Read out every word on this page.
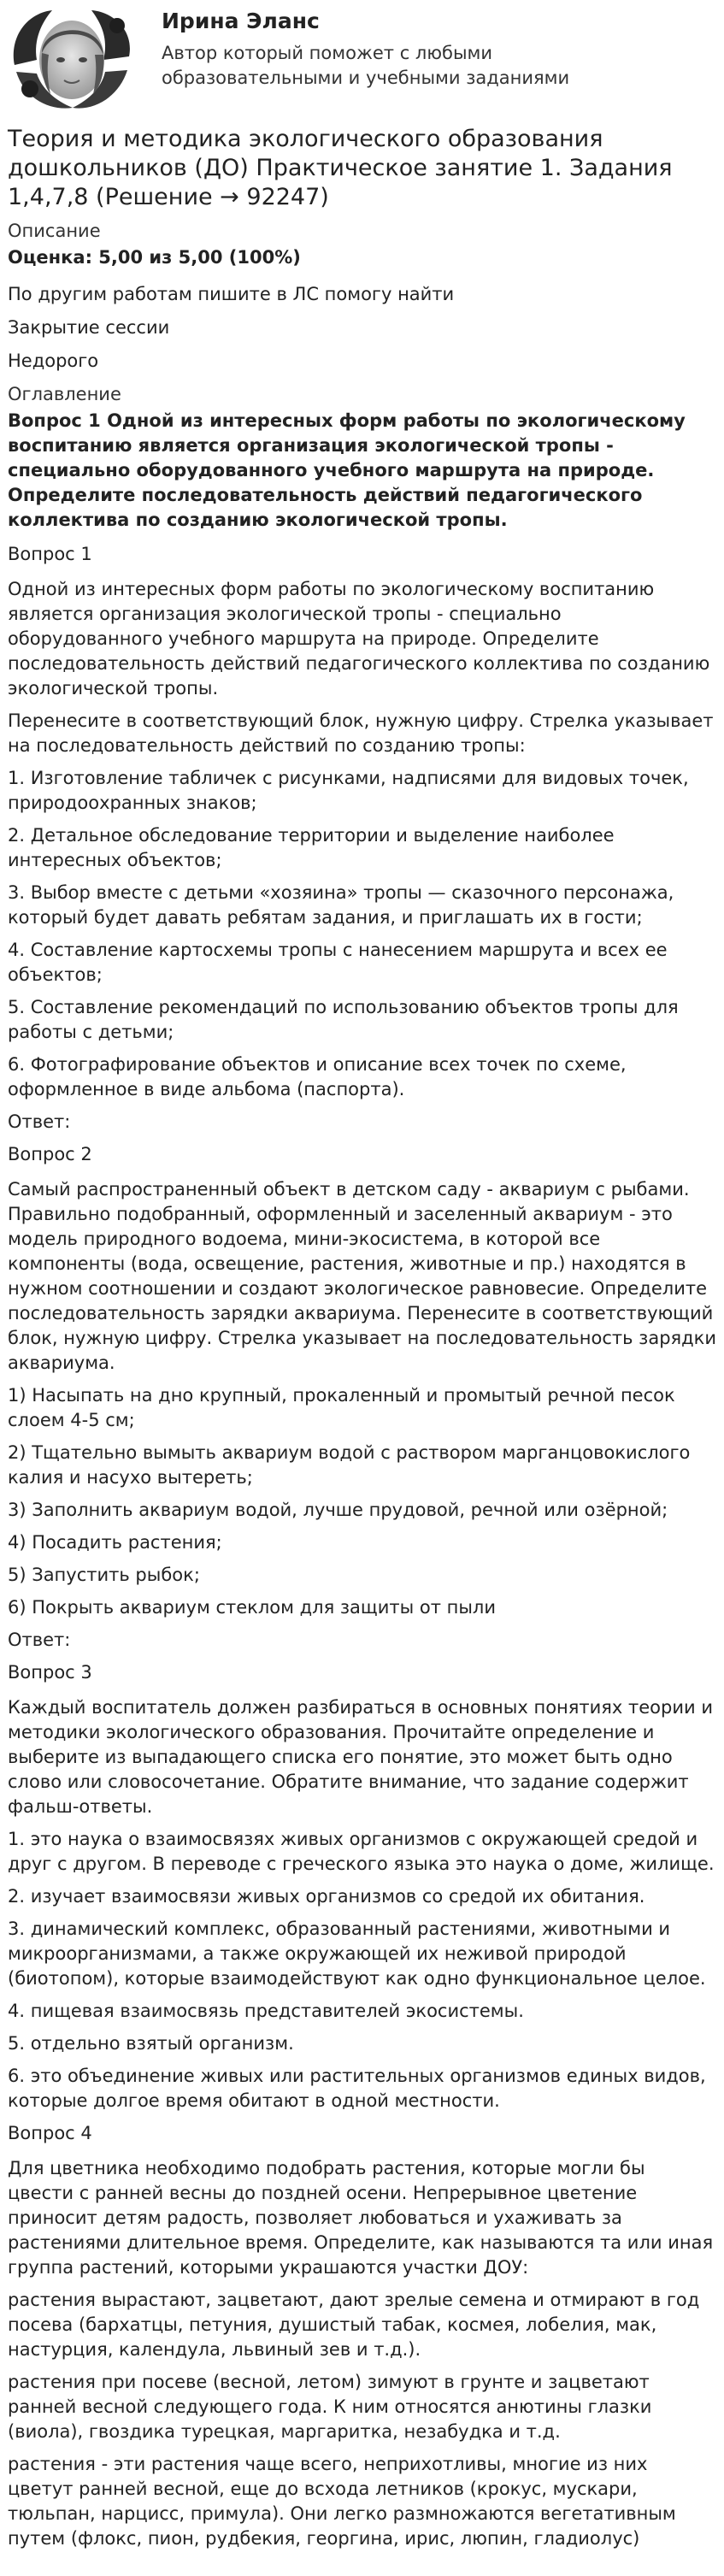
Ирина Эланс
Автор который поможет с любыми образовательными и учебными заданиями
Теория и методика экологического образования дошкольников (ДО) Практическое занятие 1. Задания 1,4,7,8 (Решение → 92247)
Описание
Оценка: 5,00 из 5,00 (100%)

По другим работам пишите в ЛС помогу найти

Закрытие сессии

Недорого

Оглавление
Вопрос 1 Одной из интересных форм работы по экологическому воспитанию является организация экологической тропы - специально оборудованного учебного маршрута на природе. Определите последовательность действий педагогического коллектива по созданию экологической тропы.
Вопрос 1

Одной из интересных форм работы по экологическому воспитанию является организация экологической тропы - специально оборудованного учебного маршрута на природе. Определите последовательность действий педагогического коллектива по созданию экологической тропы.

Перенесите в соответствующий блок, нужную цифру. Стрелка указывает на последовательность действий по созданию тропы:

1. Изготовление табличек с рисунками, надписями для видовых точек, природоохранных знаков;

2. Детальное обследование территории и выделение наиболее интересных объектов;

3. Выбор вместе с детьми «хозяина» тропы — сказочного персонажа, который будет давать ребятам задания, и приглашать их в гости;

4. Составление картосхемы тропы с нанесением маршрута и всех ее объектов;

5. Составление рекомендаций по использованию объектов тропы для работы с детьми;

6. Фотографирование объектов и описание всех точек по схеме, оформленное в виде альбома (паспорта).

Ответ:

Вопрос 2

Самый распространенный объект в детском саду - аквариум с рыбами. Правильно подобранный, оформленный и заселенный аквариум - это модель природного водоема, мини-экосистема, в которой все компоненты (вода, освещение, растения, животные и пр.) находятся в нужном соотношении и создают экологическое равновесие. Определите последовательность зарядки аквариума. Перенесите в соответствующий блок, нужную цифру. Стрелка указывает на последовательность зарядки аквариума.

1) Насыпать на дно крупный, прокаленный и промытый речной песок слоем 4-5 см;

2) Тщательно вымыть аквариум водой с раствором марганцовокислого калия и насухо вытереть;

3) Заполнить аквариум водой, лучше прудовой, речной или озёрной;

4) Посадить растения;

5) Запустить рыбок;

6) Покрыть аквариум стеклом для защиты от пыли

Ответ:

Вопрос 3

Каждый воспитатель должен разбираться в основных понятиях теории и методики экологического образования. Прочитайте определение и выберите из выпадающего списка его понятие, это может быть одно слово или словосочетание. Обратите внимание, что задание содержит фальш-ответы.

1. это наука о взаимосвязях живых организмов с окружающей средой и друг с другом. В переводе с греческого языка это наука о доме, жилище.

2. изучает взаимосвязи живых организмов со средой их обитания.

3. динамический комплекс, образованный растениями, животными и микроорганизмами, а также окружающей их неживой природой (биотопом), которые взаимодействуют как одно функциональное целое.

4. пищевая взаимосвязь представителей экосистемы.

5. отдельно взятый организм.

6. это объединение живых или растительных организмов единых видов, которые долгое время обитают в одной местности.

Вопрос 4

Для цветника необходимо подобрать растения, которые могли бы цвести с ранней весны до поздней осени. Непрерывное цветение приносит детям радость, позволяет любоваться и ухаживать за растениями длительное время. Определите, как называются та или иная группа растений, которыми украшаются участки ДОУ:

растения вырастают, зацветают, дают зрелые семена и отмирают в год посева (бархатцы, петуния, душистый табак, космея, лобелия, мак, настурция, календула, львиный зев и т.д.).

растения при посеве (весной, летом) зимуют в грунте и зацветают ранней весной следующего года. К ним относятся анютины глазки (виола), гвоздика турецкая, маргаритка, незабудка и т.д.

растения - эти растения чаще всего, неприхотливы, многие из них цветут ранней весной, еще до всхода летников (крокус, мускари, тюльпан, нарцисс, примула). Они легко размножаются вегетативным путем (флокс, пион, рудбекия, георгина, ирис, люпин, гладиолус)
